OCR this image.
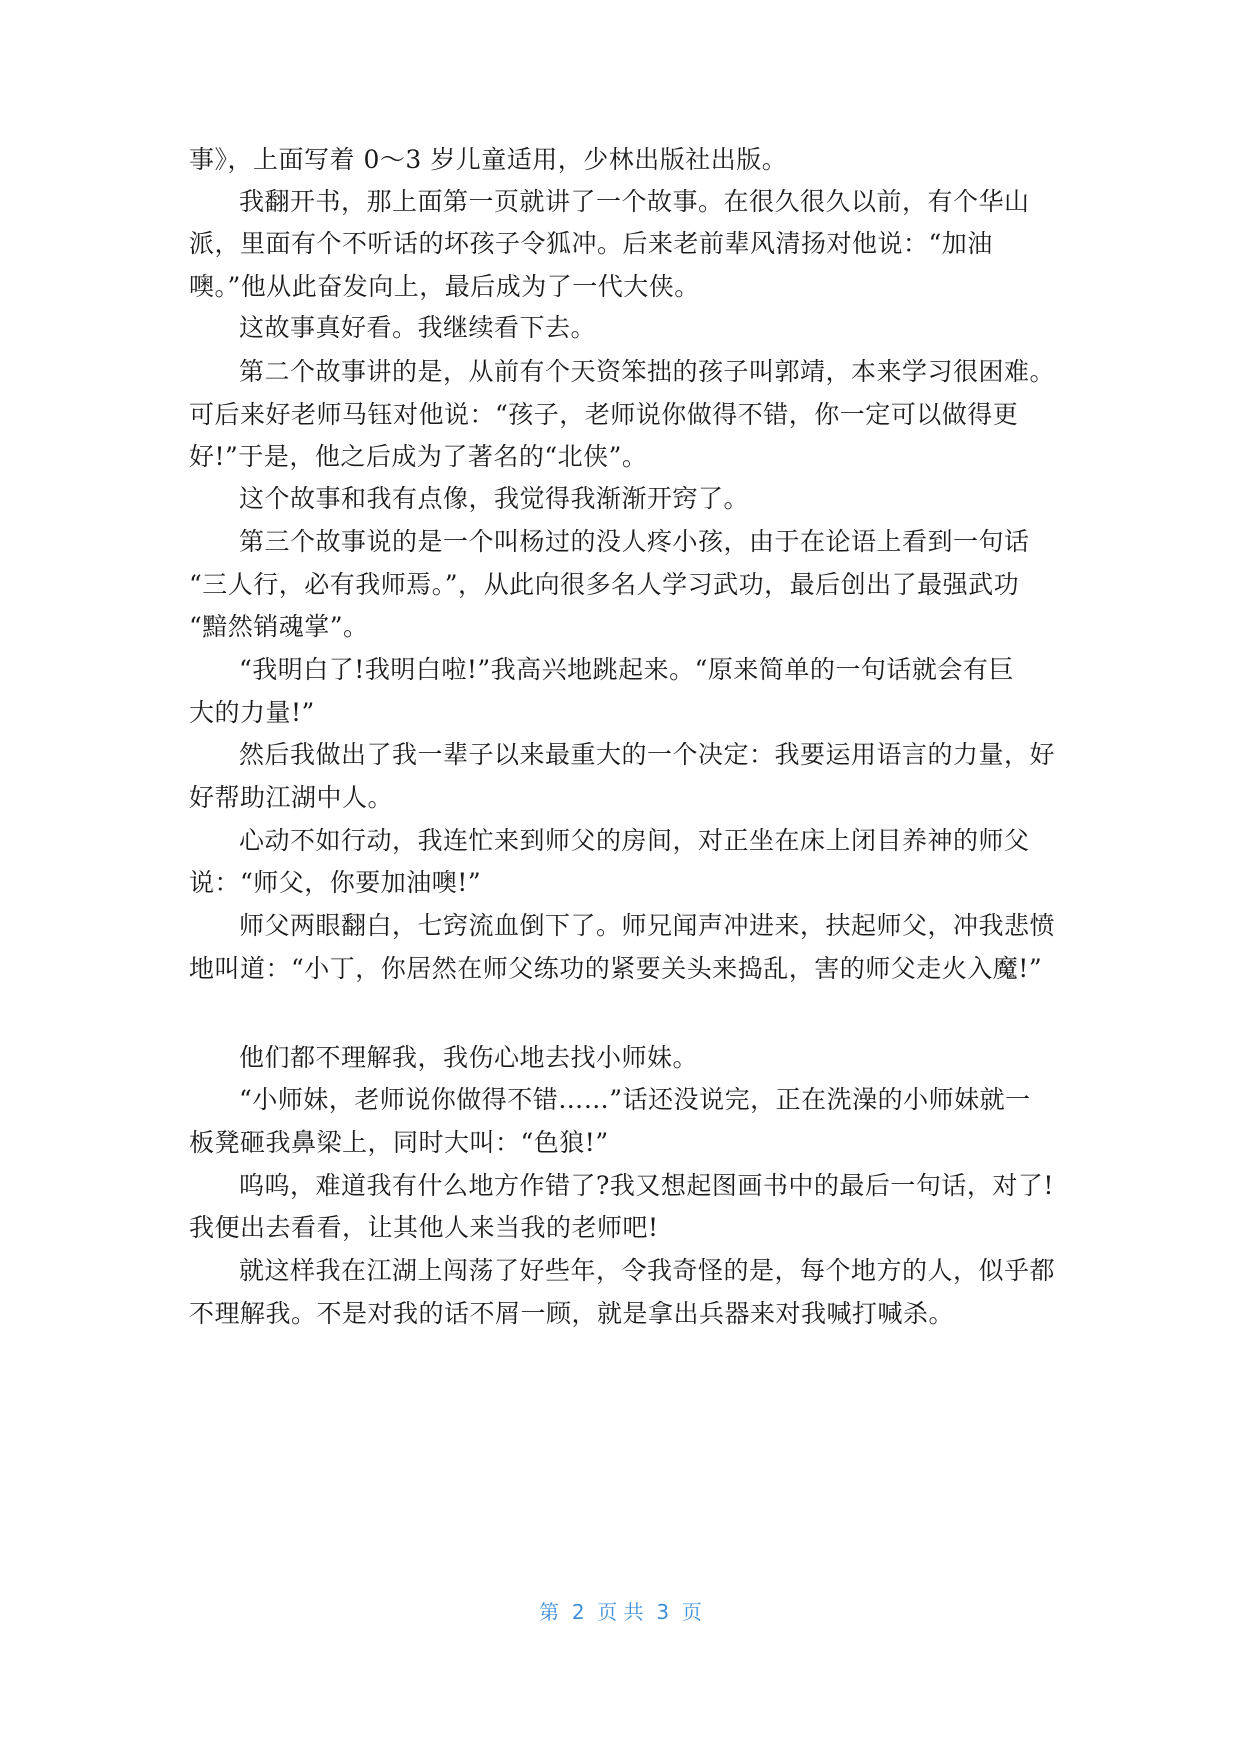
事》，上面写着 0～3 岁儿童适用，少林出版社出版。
我翻开书，那上面第一页就讲了一个故事。在很久很久以前，有个华山
派，里面有个不听话的坏孩子令狐冲。后来老前辈风清扬对他说：“加油
噢。”他从此奋发向上，最后成为了一代大侠。
这故事真好看。我继续看下去。
第二个故事讲的是，从前有个天资笨拙的孩子叫郭靖，本来学习很困难。
可后来好老师马钰对他说：“孩子，老师说你做得不错，你一定可以做得更
好!”于是，他之后成为了著名的“北侠”。
这个故事和我有点像，我觉得我渐渐开窍了。
第三个故事说的是一个叫杨过的没人疼小孩，由于在论语上看到一句话
“三人行，必有我师焉。”，从此向很多名人学习武功，最后创出了最强武功
“黯然销魂掌”。
“我明白了!我明白啦!”我高兴地跳起来。“原来简单的一句话就会有巨
大的力量!”
然后我做出了我一辈子以来最重大的一个决定：我要运用语言的力量，好
好帮助江湖中人。
心动不如行动，我连忙来到师父的房间，对正坐在床上闭目养神的师父
说：“师父，你要加油噢!”
师父两眼翻白，七窍流血倒下了。师兄闻声冲进来，扶起师父，冲我悲愤
地叫道：“小丁，你居然在师父练功的紧要关头来捣乱，害的师父走火入魔!”
他们都不理解我，我伤心地去找小师妹。
“小师妹，老师说你做得不错……”话还没说完，正在洗澡的小师妹就一
板凳砸我鼻梁上，同时大叫：“色狼!”
呜呜，难道我有什么地方作错了?我又想起图画书中的最后一句话，对了!
我便出去看看，让其他人来当我的老师吧!
就这样我在江湖上闯荡了好些年，令我奇怪的是，每个地方的人，似乎都
不理解我。不是对我的话不屑一顾，就是拿出兵器来对我喊打喊杀。
第  2  页 共  3  页
